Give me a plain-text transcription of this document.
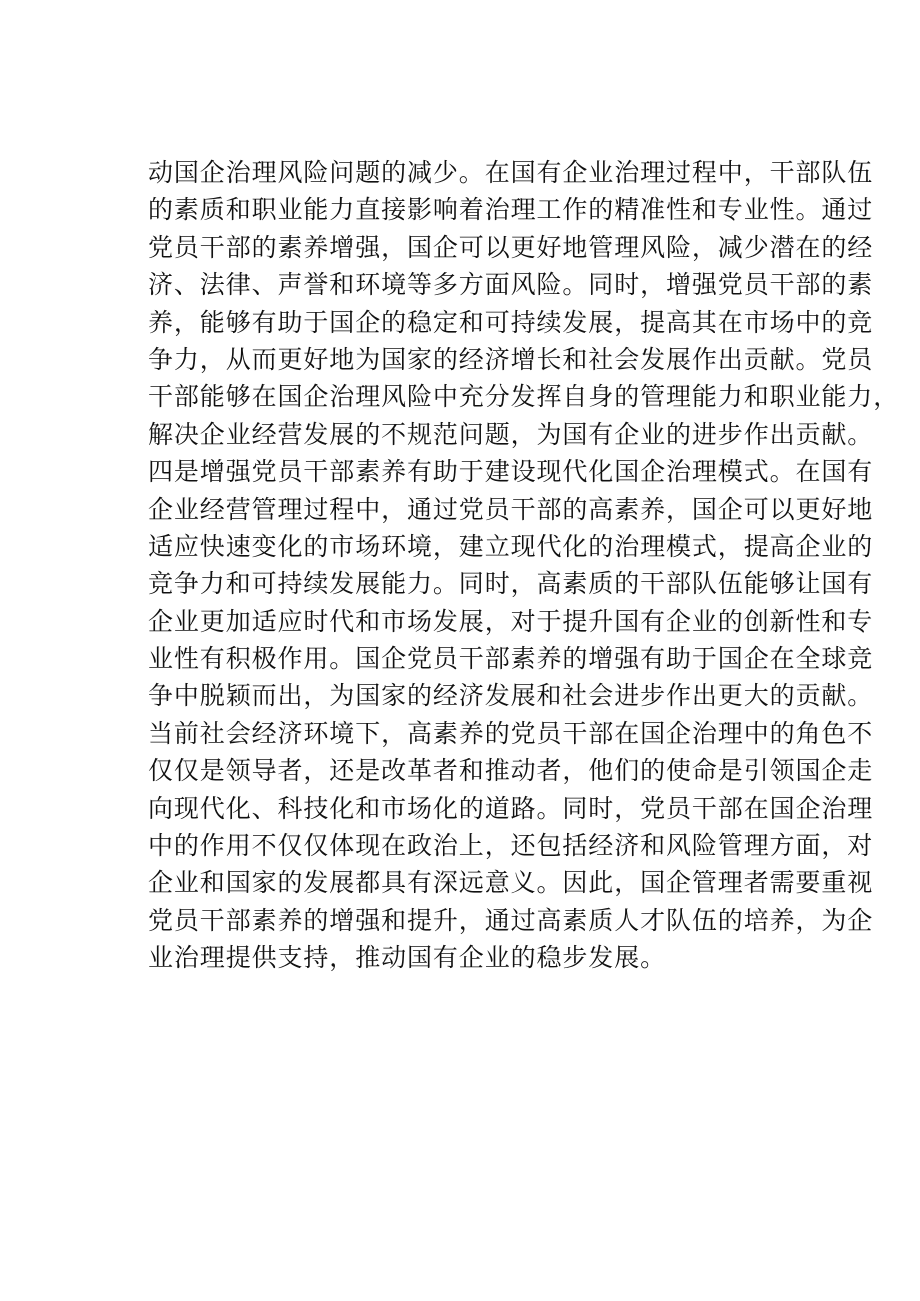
动国企治理风险问题的减少。在国有企业治理过程中，干部队伍
的素质和职业能力直接影响着治理工作的精准性和专业性。通过
党员干部的素养增强，国企可以更好地管理风险，减少潜在的经
济、法律、声誉和环境等多方面风险。同时，增强党员干部的素
养，能够有助于国企的稳定和可持续发展，提高其在市场中的竞
争力，从而更好地为国家的经济增长和社会发展作出贡献。党员
干部能够在国企治理风险中充分发挥自身的管理能力和职业能力，
解决企业经营发展的不规范问题，为国有企业的进步作出贡献。
四是增强党员干部素养有助于建设现代化国企治理模式。在国有
企业经营管理过程中，通过党员干部的高素养，国企可以更好地
适应快速变化的市场环境，建立现代化的治理模式，提高企业的
竞争力和可持续发展能力。同时，高素质的干部队伍能够让国有
企业更加适应时代和市场发展，对于提升国有企业的创新性和专
业性有积极作用。国企党员干部素养的增强有助于国企在全球竞
争中脱颖而出，为国家的经济发展和社会进步作出更大的贡献。
当前社会经济环境下，高素养的党员干部在国企治理中的角色不
仅仅是领导者，还是改革者和推动者，他们的使命是引领国企走
向现代化、科技化和市场化的道路。同时，党员干部在国企治理
中的作用不仅仅体现在政治上，还包括经济和风险管理方面，对
企业和国家的发展都具有深远意义。因此，国企管理者需要重视
党员干部素养的增强和提升，通过高素质人才队伍的培养，为企
业治理提供支持，推动国有企业的稳步发展。
